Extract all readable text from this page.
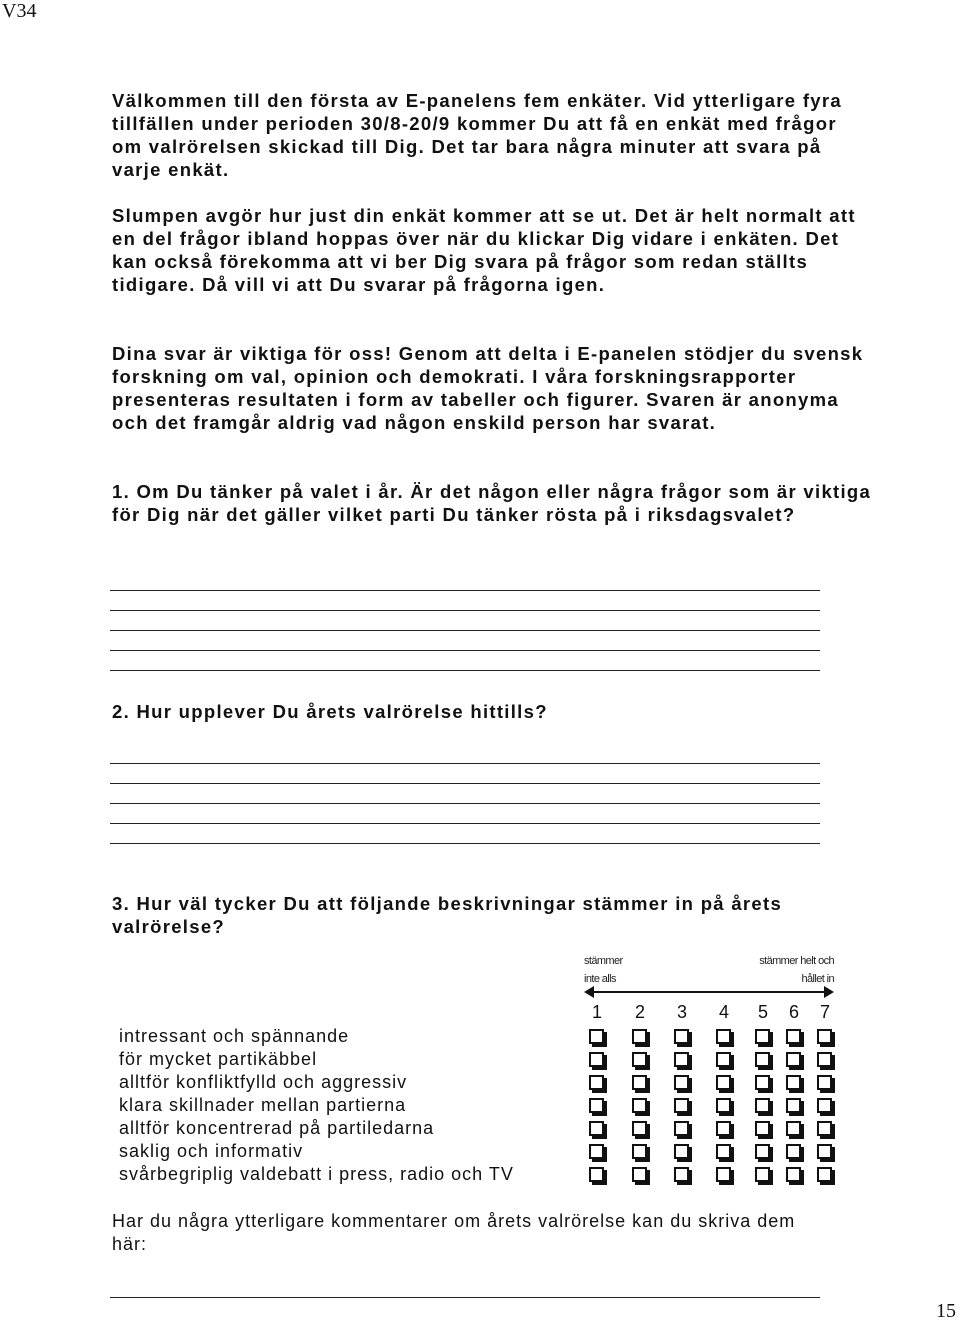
V34

Välkommen till den första av E-panelens fem enkäter. Vid ytterligare fyra tillfällen under perioden 30/8-20/9 kommer Du att få en enkät med frågor om valrörelsen skickad till Dig. Det tar bara några minuter att svara på varje enkät.

Slumpen avgör hur just din enkät kommer att se ut. Det är helt normalt att en del frågor ibland hoppas över när du klickar Dig vidare i enkäten. Det kan också förekomma att vi ber Dig svara på frågor som redan ställts tidigare. Då vill vi att Du svarar på frågorna igen.

Dina svar är viktiga för oss! Genom att delta i E-panelen stödjer du svensk forskning om val, opinion och demokrati. I våra forskningsrapporter presenteras resultaten i form av tabeller och figurer. Svaren är anonyma och det framgår aldrig vad någon enskild person har svarat.

1. Om Du tänker på valet i år. Är det någon eller några frågor som är viktiga för Dig när det gäller vilket parti Du tänker rösta på i riksdagsvalet?

2. Hur upplever Du årets valrörelse hittills?

3. Hur väl tycker Du att följande beskrivningar stämmer in på årets valrörelse?

stämmer
inte alls
stämmer helt och
hållet in
1 2 3 4 5 6 7
intressant och spännande
för mycket partikäbbel
alltför konfliktfylld och aggressiv
klara skillnader mellan partierna
alltför koncentrerad på partiledarna
saklig och informativ
svårbegriplig valdebatt i press, radio och TV
Har du några ytterligare kommentarer om årets valrörelse kan du skriva dem här:
15
